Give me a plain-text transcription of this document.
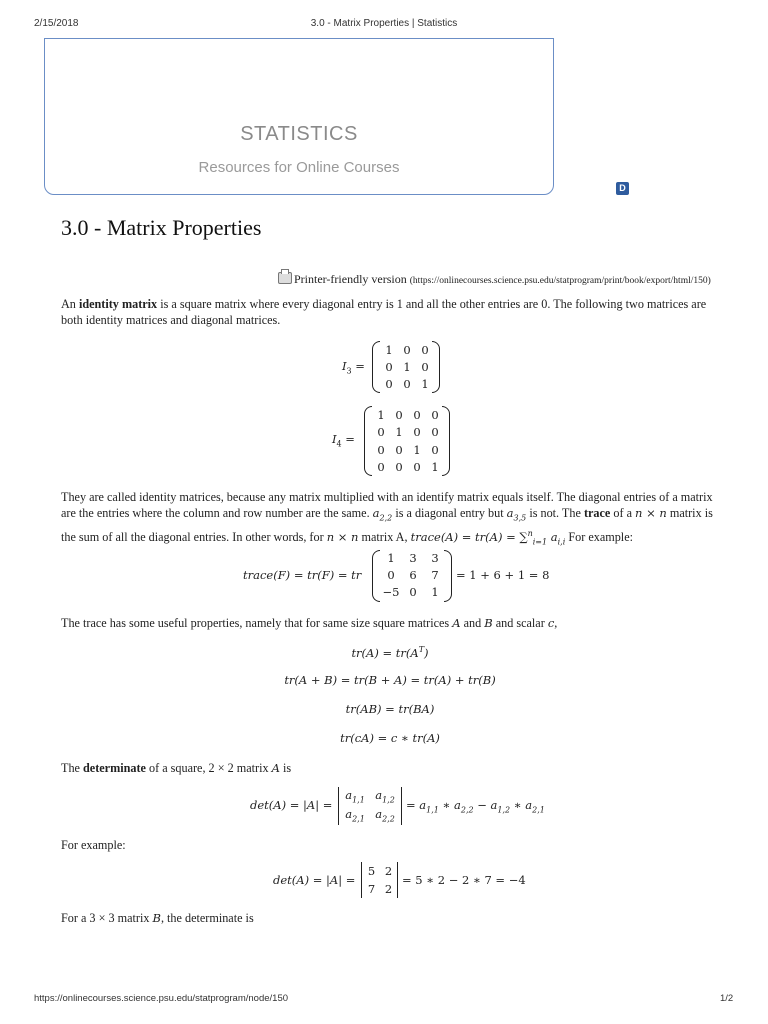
2/15/2018	3.0 - Matrix Properties | Statistics
STATISTICS
Resources for Online Courses
D
3.0 - Matrix Properties
Printer-friendly version (https://onlinecourses.science.psu.edu/statprogram/print/book/export/html/150)
An identity matrix is a square matrix where every diagonal entry is 1 and all the other entries are 0. The following two matrices are both identity matrices and diagonal matrices.
$I_3$ =
1 0 0
0 1 0
0 0 1
$I_4$ =
1 0 0 0
0 1 0 0
0 0 1 0
0 0 0 1
They are called identity matrices, because any matrix multiplied with an identify matrix equals itself. The diagonal entries of a matrix are the entries where the column and row number are the same. $a_{2,2}$ is a diagonal entry but $a_{3,5}$ is not. The trace of a n × n matrix is the sum of all the diagonal entries. In other words, for n × n matrix A, trace(A) = tr(A) = ∑$^n_{i=1}$ $a_{i,i}$ For example:
trace(F) = tr(F) = tr
1	3	3
0	6	7
−5 0	1
= 1 + 6 + 1 = 8
The trace has some useful properties, namely that for same size square matrices A and B and scalar c,
$tr(A) = tr(A^T)$
tr(A + B) = tr(B + A) = tr(A) + tr(B)
tr(AB) = tr(BA)
tr(cA) = c ∗ tr(A)
The determinate of a square, 2 × 2 matrix A is
det(A) = |A| =
$a_{1,1}$ $a_{1,2}$
$a_{2,1}$ $a_{2,2}$
= $a_{1,1}$ ∗ $a_{2,2} - a_{1,2}$ ∗ $a_{2,1}$
For example:
det(A) = |A| =
5 2
7 2
= 5 ∗ 2 − 2 ∗ 7 = −4
For a 3 × 3 matrix B, the determinate is
https://onlinecourses.science.psu.edu/statprogram/node/150	1/2
